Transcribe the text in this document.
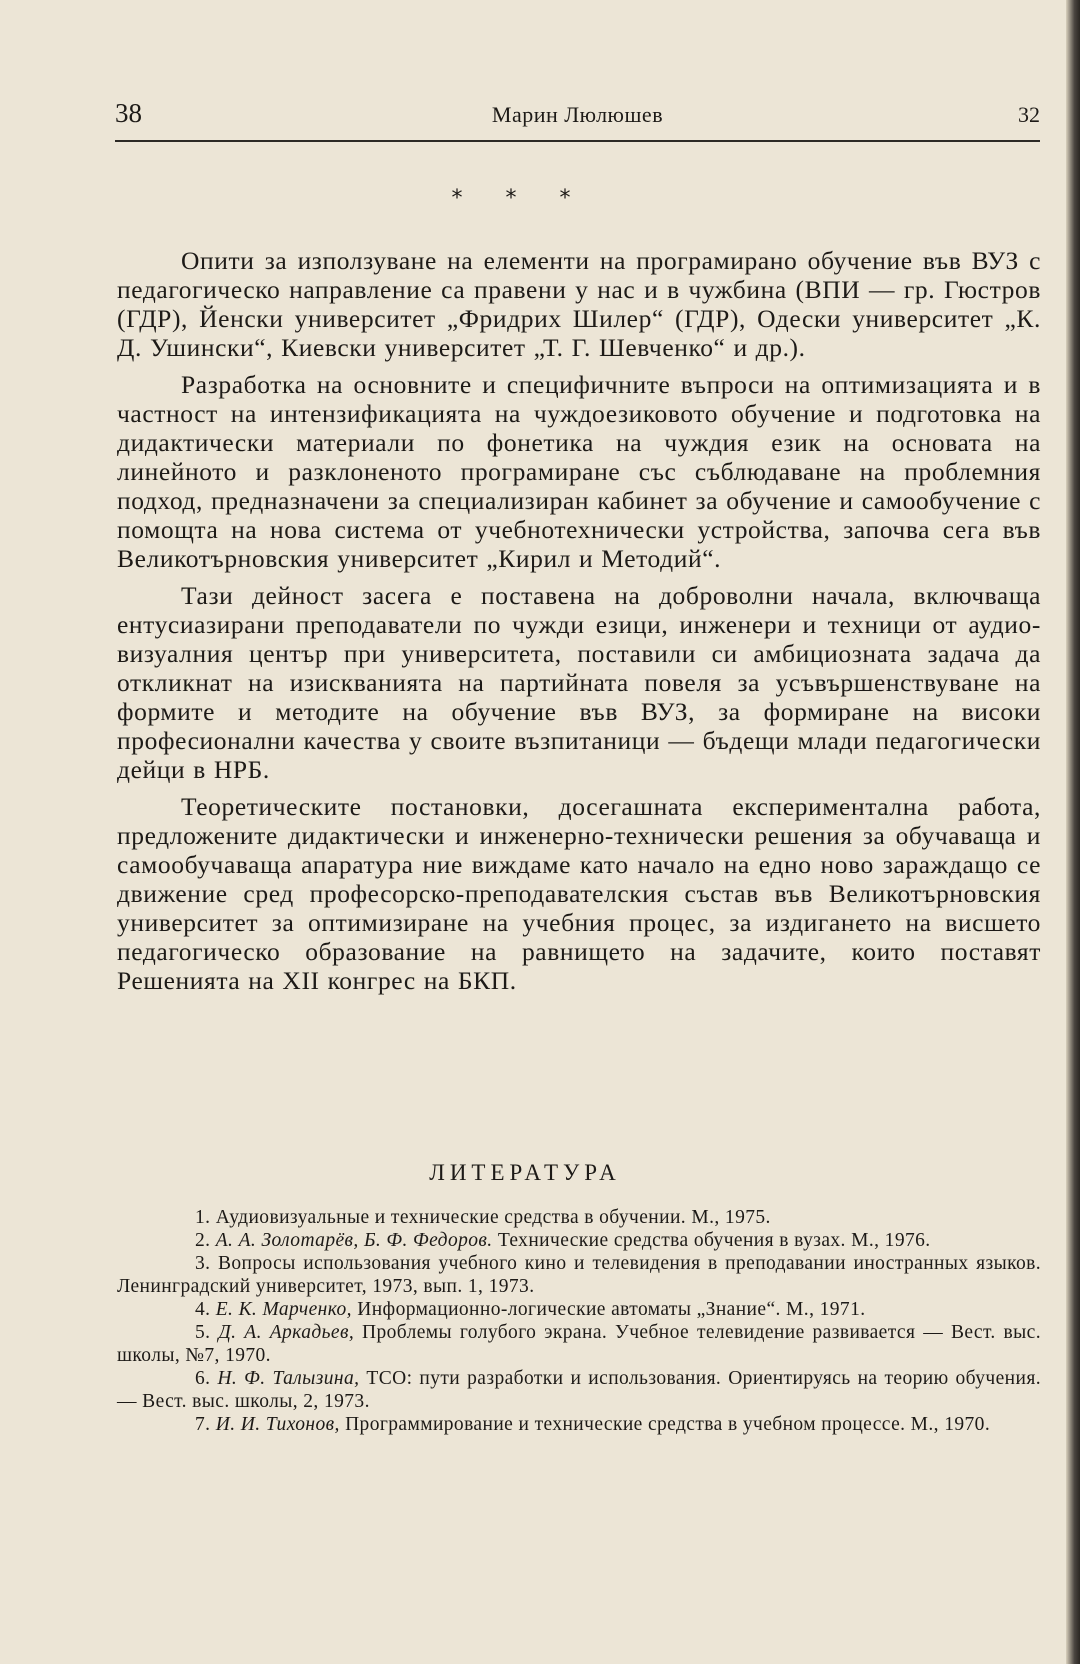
38	Марин Люлюшев	32
* * *

Опити за използуване на елементи на програмирано обучение във ВУЗ с педагогическо направление са правени у нас и в чужбина (ВПИ — гр. Гюстров (ГДР), Йенски университет „Фридрих Шилер“ (ГДР), Одески университет „К. Д. Ушински“, Киевски университет „Т. Г. Шевченко“ и др.).

Разработка на основните и специфичните въпроси на оптимизацията и в частност на интензификацията на чуждоезиковото обучение и подготовка на дидактически материали по фонетика на чуждия език на основата на линейното и разклоненото програмиране със съблюдаване на проблемния подход, предназначени за специализиран кабинет за обучение и самообучение с помощта на нова система от учебнотехнически устройства, започва сега във Великотърновския университет „Кирил и Методий“.

Тази дейност засега е поставена на доброволни начала, включваща ентусиазирани преподаватели по чужди езици, инженери и техници от аудио-визуалния център при университета, поставили си амбициозната задача да откликнат на изискванията на партийната повеля за усъвършенствуване на формите и методите на обучение във ВУЗ, за формиране на високи професионални качества у своите възпитаници — бъдещи млади педагогически дейци в НРБ.

Теоретическите постановки, досегашната експериментална работа, предложените дидактически и инженерно-технически решения за обучаваща и самообучаваща апаратура ние виждаме като начало на едно ново зараждащо се движение сред професорско-преподавателския състав във Великотърновския университет за оптимизиране на учебния процес, за издигането на висшето педагогическо образование на равнището на задачите, които поставят Решенията на XII конгрес на БКП.

ЛИТЕРАТУРА

1. Аудиовизуальные и технические средства в обучении. М., 1975.

2. А. А. Золотарёв, Б. Ф. Федоров. Технические средства обучения в вузах. М., 1976.

3. Вопросы использования учебного кино и телевидения в преподавании иностранных языков. Ленинградский университет, 1973, вып. 1, 1973.

4. Е. К. Марченко, Информационно-логические автоматы „Знание“. М., 1971.

5. Д. А. Аркадьев, Проблемы голубого экрана. Учебное телевидение развивается — Вест. выс. школы, №7, 1970.

6. Н. Ф. Талызина, ТСО: пути разработки и использования. Ориентируясь на теорию обучения. — Вест. выс. школы, 2, 1973.

7. И. И. Тихонов, Программирование и технические средства в учебном процессе. М., 1970.
